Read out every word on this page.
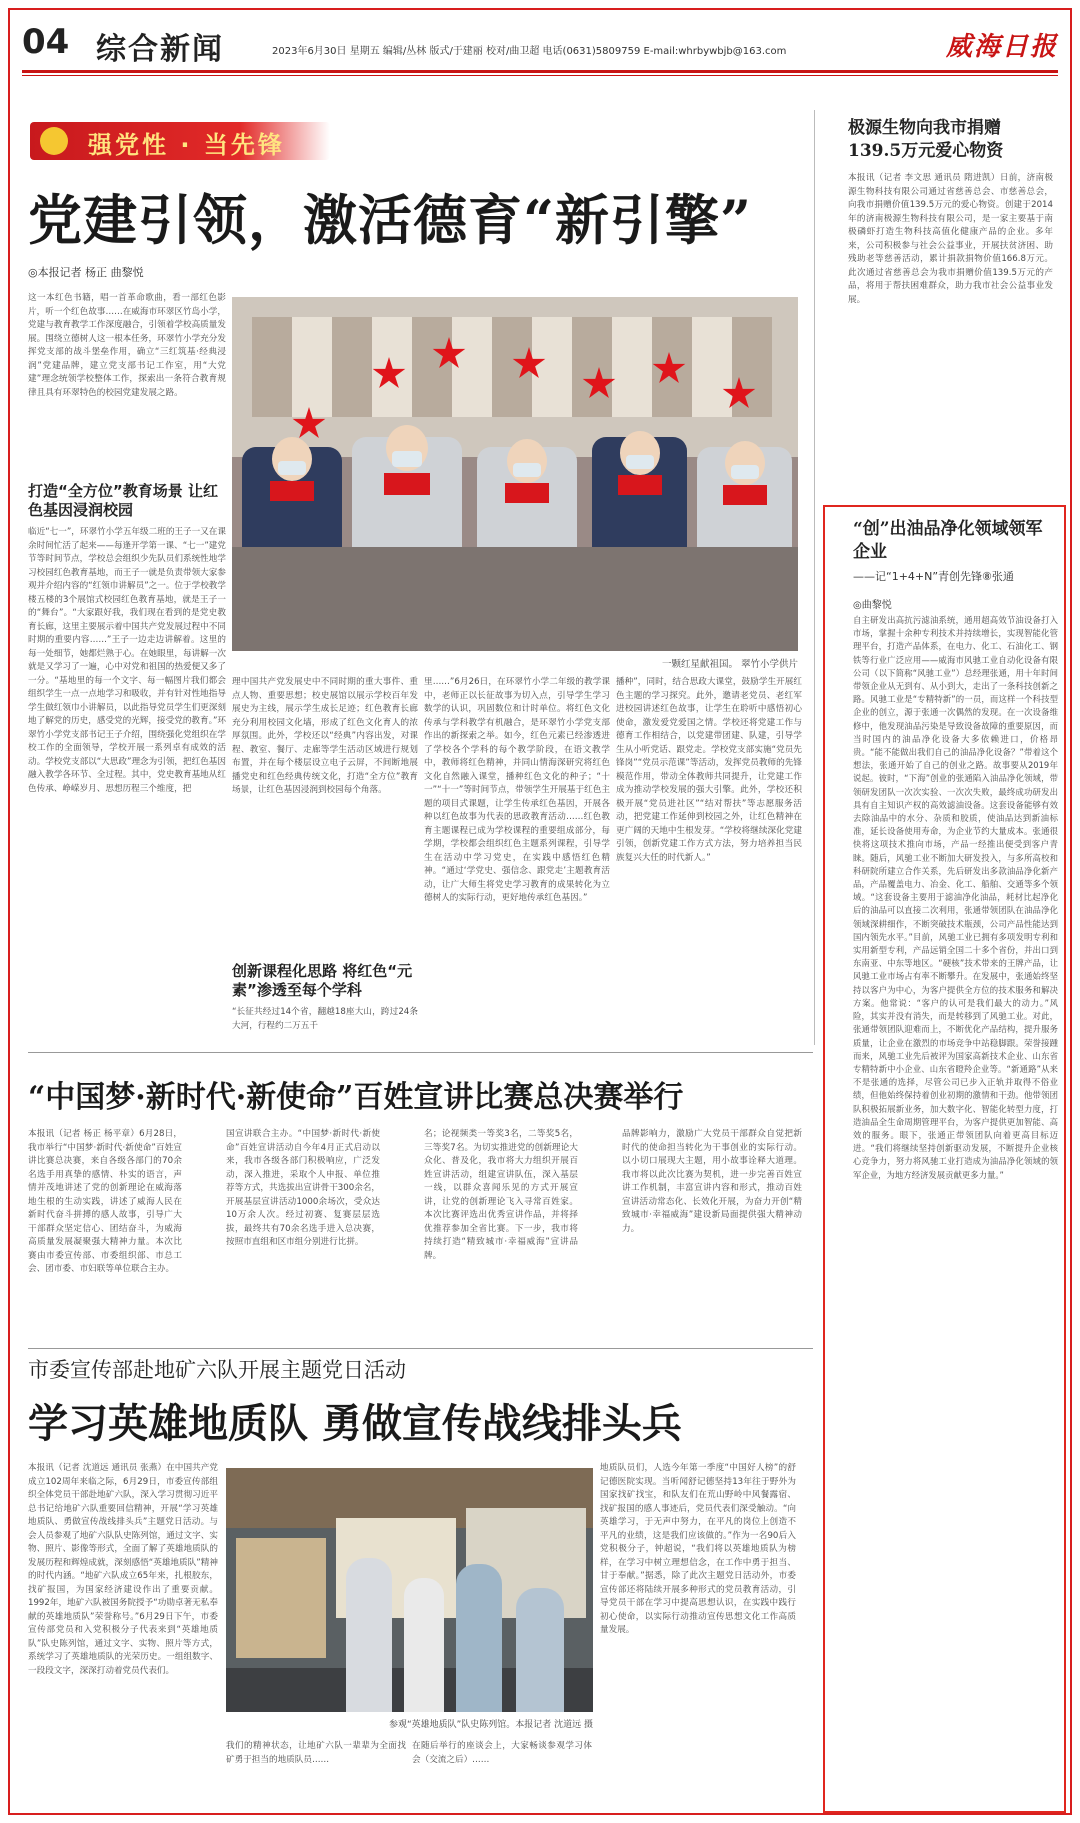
04 综合新闻	2023年6月30日 星期五 编辑/丛林 版式/于建丽 校对/曲卫超 电话(0631)5809759 E-mail:whrbywbjb@163.com	威海日报
强党性 · 当先锋
党建引领，激活德育“新引擎”
◎本报记者 杨正 曲黎悦
这一本红色书籍，唱一首革命歌曲，看一部红色影片，听一个红色故事……在威海市环翠区竹岛小学，党建与教育教学工作深度融合，引领着学校高质量发展。围绕立德树人这一根本任务，环翠竹小学充分发挥党支部的战斗堡垒作用，确立“三红筑基·经典浸润”党建品牌，建立党支部书记工作室，用“大党建”理念统领学校整体工作，探索出一条符合教育规律且具有环翠特色的校园党建发展之路。
打造“全方位”教育场景 让红色基因浸润校园
临近“七一”，环翠竹小学五年级二班的王子一又在课余时间忙活了起来——每逢开学第一课、“七一”建党节等时间节点，学校总会组织少先队员们系统性地学习校园红色教育基地，而王子一就是负责带领大家参观并介绍内容的“红领巾讲解员”之一。位于学校教学楼五楼的3个展馆式校园红色教育基地，就是王子一的“舞台”。“大家跟好我，我们现在看到的是党史教育长廊，这里主要展示着中国共产党发展过程中不同时期的重要内容……”王子一边走边讲解着。这里的每一处细节，她都烂熟于心。在她眼里，每讲解一次就是又学习了一遍，心中对党和祖国的热爱便又多了一分。“基地里的每一个文字、每一幅图片我们都会组织学生一点一点地学习和吸收，并有针对性地指导学生做红领巾小讲解员，以此指导党员学生们更深刻地了解党的历史，感受党的光辉，接受党的教育。”环翠竹小学党支部书记王子介绍，围绕强化党组织在学校工作的全面领导，学校开展一系列卓有成效的活动。学校党支部以“大思政”理念为引领，把红色基因融入教学各环节、全过程。其中，党史教育基地从红色传承、峥嵘岁月、思想历程三个维度，把
一颗红星献祖国。 翠竹小学供片
理中国共产党发展史中不同时期的重大事件、重点人物、重要思想；校史展馆以展示学校百年发展史为主线，展示学生成长足迹；红色教育长廊充分利用校园文化墙，形成了红色文化育人的浓厚氛围。此外，学校还以“经典”内容出发，对课程、教室、餐厅、走廊等学生活动区域进行规划布置，并在每个楼层设立电子云屏，不间断地展播党史和红色经典传统文化，打造“全方位”教育场景，让红色基因浸润到校园每个角落。
创新课程化思路 将红色“元素”渗透至每个学科
“长征共经过14个省，翻越18座大山，跨过24条大河，行程约二万五千
里……”6月26日，在环翠竹小学二年级的教学课中，老师正以长征故事为切入点，引导学生学习数学的认识，巩固数位和计时单位。将红色文化传承与学科教学有机融合，是环翠竹小学党支部作出的新探索之举。如今，红色元素已经渗透进了学校各个学科的每个教学阶段，在语文教学中，教师将红色精神，并同山情海深研究将红色文化自然融入课堂，播种红色文化的种子；“十一”“十一”等时间节点，带领学生开展基于红色主题的项目式课题，让学生传承红色基因，开展各种以红色故事为代表的思政教育活动……红色教育主题课程已成为学校课程的重要组成部分，每学期，学校都会组织红色主题系列课程，引导学生在活动中学习党史，在实践中感悟红色精神。“通过‘学党史、强信念、跟党走’主题教育活动，让广大师生将党史学习教育的成果转化为立德树人的实际行动，更好地传承红色基因。”
播种”，同时，结合思政大课堂，鼓励学生开展红色主题的学习探究。此外，邀请老党员、老红军进校园讲述红色故事，让学生在聆听中感悟初心使命，激发爱党爱国之情。学校还将党建工作与德育工作相结合，以党建带团建、队建，引导学生从小听党话、跟党走。学校党支部实施“党员先锋岗”“党员示范课”等活动，发挥党员教师的先锋模范作用，带动全体教师共同提升，让党建工作成为推动学校发展的强大引擎。此外，学校还积极开展“党员进社区”“结对帮扶”等志愿服务活动，把党建工作延伸到校园之外，让红色精神在更广阔的天地中生根发芽。“学校将继续深化党建引领，创新党建工作方式方法，努力培养担当民族复兴大任的时代新人。”
极源生物向我市捐赠 139.5万元爱心物资
本报讯（记者 李文思 通讯员 隋进凯）日前，济南极源生物科技有限公司通过省慈善总会、市慈善总会，向我市捐赠价值139.5万元的爱心物资。创建于2014年的济南极源生物科技有限公司，是一家主要基于南极磷虾打造生物科技高值化健康产品的企业。多年来，公司积极参与社会公益事业，开展扶贫济困、助残助老等慈善活动，累计捐款捐物价值166.8万元。此次通过省慈善总会为我市捐赠价值139.5万元的产品，将用于帮扶困难群众，助力我市社会公益事业发展。
“创”出油品净化领域领军企业
——记“1+4+N”青创先锋⑧张通
◎曲黎悦
自主研发出高抗污滤油系统，通用超高效节油设备打入市场，掌握十余种专利技术并持续增长，实现智能化管理平台，打造产品体系，在电力、化工、石油化工、钢铁等行业广泛应用——威海市风驰工业自动化设备有限公司（以下简称“风驰工业”）总经理张通，用十年时间带领企业从无到有、从小到大，走出了一条科技创新之路。风驰工业是“专精特新”的一员，而这样一个科技型企业的创立，源于张通一次偶然的发现。在一次设备维修中，他发现油品污染是导致设备故障的重要原因，而当时国内的油品净化设备大多依赖进口，价格昂贵。“能不能做出我们自己的油品净化设备？”带着这个想法，张通开始了自己的创业之路。故事要从2019年说起。彼时，“下海”创业的张通陷入油品净化领域，带领研发团队一次次实验、一次次失败，最终成功研发出具有自主知识产权的高效滤油设备。这套设备能够有效去除油品中的水分、杂质和胶质，使油品达到新油标准，延长设备使用寿命，为企业节约大量成本。张通很快将这项技术推向市场，产品一经推出便受到客户青睐。随后，风驰工业不断加大研发投入，与多所高校和科研院所建立合作关系，先后研发出多款油品净化新产品，产品覆盖电力、冶金、化工、船舶、交通等多个领域。“这套设备主要用于滤油净化油品，耗材比起净化后的油品可以直接二次利用，张通带领团队在油品净化领域深耕细作，不断突破技术瓶颈，公司产品性能达到国内领先水平。”目前，风驰工业已拥有多项发明专利和实用新型专利，产品远销全国二十多个省份，并出口到东南亚、中东等地区。“硬核”技术带来的王牌产品，让风驰工业市场占有率不断攀升。在发展中，张通始终坚持以客户为中心，为客户提供全方位的技术服务和解决方案。他常说：“客户的认可是我们最大的动力。”风险，其实并没有消失，而是转移到了风驰工业。对此，张通带领团队迎难而上，不断优化产品结构，提升服务质量，让企业在激烈的市场竞争中站稳脚跟。荣誉接踵而来，风驰工业先后被评为国家高新技术企业、山东省专精特新中小企业、山东省瞪羚企业等。“新通路”从来不是张通的选择，尽管公司已步入正轨并取得不俗业绩，但他始终保持着创业初期的激情和干劲。他带领团队积极拓展新业务，加大数字化、智能化转型力度，打造油品全生命周期管理平台，为客户提供更加智能、高效的服务。眼下，张通正带领团队向着更高目标迈进。“我们将继续坚持创新驱动发展，不断提升企业核心竞争力，努力将风驰工业打造成为油品净化领域的领军企业，为地方经济发展贡献更多力量。”
“中国梦·新时代·新使命”百姓宣讲比赛总决赛举行
本报讯（记者 杨正 杨平章）6月28日，我市举行“中国梦·新时代·新使命”百姓宣讲比赛总决赛，来自各级各部门的70余名选手用真挚的感情、朴实的语言，声情并茂地讲述了党的创新理论在威海落地生根的生动实践，讲述了威海人民在新时代奋斗拼搏的感人故事，引导广大干部群众坚定信心、团结奋斗，为威海高质量发展凝聚强大精神力量。本次比赛由市委宣传部、市委组织部、市总工会、团市委、市妇联等单位联合主办。
国宣讲联合主办。“中国梦·新时代·新使命”百姓宣讲活动自今年4月正式启动以来，我市各级各部门积极响应，广泛发动，深入推进，采取个人申报、单位推荐等方式，共选拔出宣讲骨干300余名，开展基层宣讲活动1000余场次，受众达10万余人次。经过初赛、复赛层层选拔，最终共有70余名选手进入总决赛，按照市直组和区市组分别进行比拼。
名；论视频类一等奖3名，二等奖5名，三等奖7名。为切实推进党的创新理论大众化、普及化，我市将大力组织开展百姓宣讲活动，组建宣讲队伍，深入基层一线，以群众喜闻乐见的方式开展宣讲，让党的创新理论飞入寻常百姓家。本次比赛评选出优秀宣讲作品，并将择优推荐参加全省比赛。下一步，我市将持续打造“精致城市·幸福威海”宣讲品牌。
品牌影响力，激励广大党员干部群众自觉把新时代的使命担当转化为干事创业的实际行动。以小切口展现大主题，用小故事诠释大道理。我市将以此次比赛为契机，进一步完善百姓宣讲工作机制，丰富宣讲内容和形式，推动百姓宣讲活动常态化、长效化开展，为奋力开创“精致城市·幸福威海”建设新局面提供强大精神动力。
市委宣传部赴地矿六队开展主题党日活动
学习英雄地质队 勇做宣传战线排头兵
本报讯（记者 沈道远 通讯员 张燕）在中国共产党成立102周年来临之际，6月29日，市委宣传部组织全体党员干部赴地矿六队，深入学习贯彻习近平总书记给地矿六队重要回信精神，开展“学习英雄地质队、勇做宣传战线排头兵”主题党日活动。与会人员参观了地矿六队队史陈列馆，通过文字、实物、照片、影像等形式，全面了解了英雄地质队的发展历程和辉煌成就，深刻感悟“英雄地质队”精神的时代内涵。“地矿六队成立65年来，扎根胶东，找矿报国，为国家经济建设作出了重要贡献。1992年，地矿六队被国务院授予“功勋卓著无私奉献的英雄地质队”荣誉称号。”6月29日下午，市委宣传部党员和入党积极分子代表来到“英雄地质队”队史陈列馆，通过文字、实物、照片等方式，系统学习了英雄地质队的光荣历史。一组组数字、一段段文字，深深打动着党员代表们。
参观“英雄地质队”队史陈列馆。本报记者 沈道远 摄
我们的精神状态，让地矿六队一辈辈为全面找矿勇于担当的地质队员……
在随后举行的座谈会上，大家畅谈参观学习体会（交流之后）……
地质队员们，人选今年第一季度“中国好人榜”的舒记德医院实现。当听闻舒记德坚持13年往于野外为国家找矿找宝，和队友们在荒山野岭中风餐露宿、找矿报国的感人事迹后，党员代表们深受触动。“向英雄学习，于无声中努力，在平凡的岗位上创造不平凡的业绩，这是我们应该做的。”作为一名90后入党积极分子，钟超说，“我们将以英雄地质队为榜样，在学习中树立理想信念，在工作中勇于担当、甘于奉献。”据悉，除了此次主题党日活动外，市委宣传部还将陆续开展多种形式的党员教育活动，引导党员干部在学习中提高思想认识，在实践中践行初心使命，以实际行动推动宣传思想文化工作高质量发展。
